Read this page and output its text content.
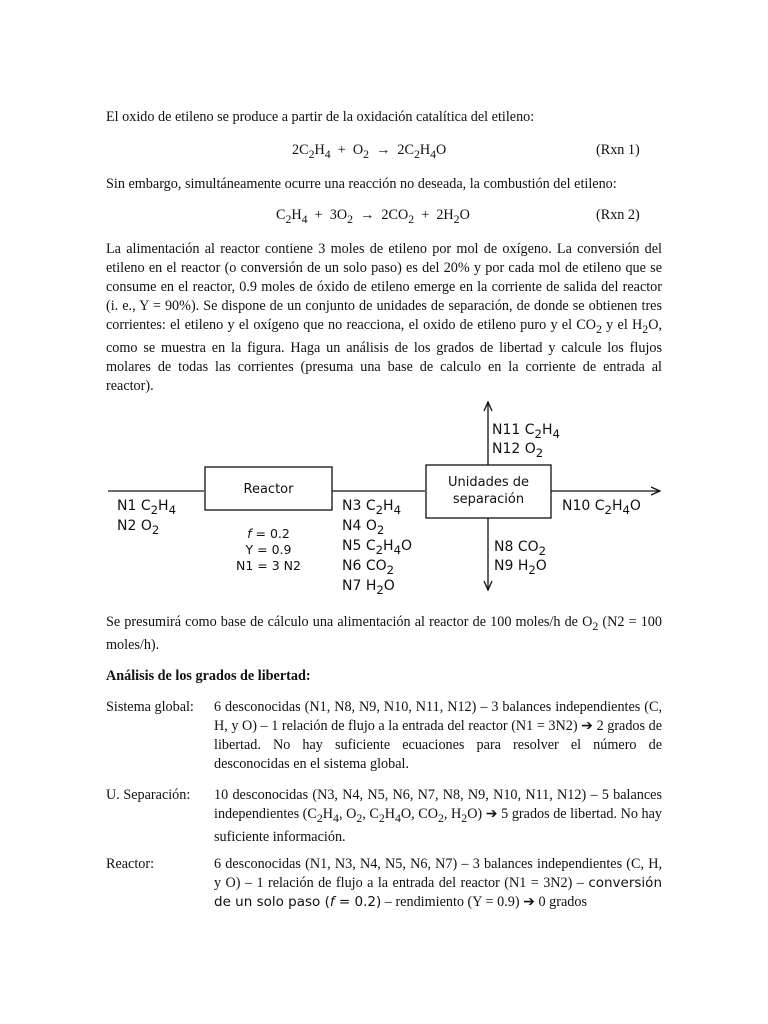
El oxido de etileno se produce a partir de la oxidación catalítica del etileno:
$2C_2H_4 + O_2 \to 2C_2H_4O$	(Rxn 1)
Sin embargo, simultáneamente ocurre una reacción no deseada, la combustión del etileno:
$C_2H_4 + 3O_2 \to 2CO_2 + 2H_2O$	(Rxn 2)
La alimentación al reactor contiene 3 moles de etileno por mol de oxígeno. La conversión del etileno en el reactor (o conversión de un solo paso) es del 20% y por cada mol de etileno que se consume en el reactor, 0.9 moles de óxido de etileno emerge en la corriente de salida del reactor (i. e., Y = 90%). Se dispone de un conjunto de unidades de separación, de donde se obtienen tres corrientes: el etileno y el oxígeno que no reacciona, el oxido de etileno puro y el $CO_2$ y el $H_2O$, como se muestra en la figura. Haga un análisis de los grados de libertad y calcule los flujos molares de todas las corrientes (presuma una base de calculo en la corriente de entrada al reactor).
Reactor	Unidades de
separación
N1 $C_2H_4$
N2 $O_2$
N3 $C_2H_4$
N4 $O_2$
N5 $C_2H_4O$
N6 $CO_2$
N7 $H_2O$
N11 $C_2H_4$
N12 $O_2$
N8 $CO_2$
N9 $H_2O$
N10 $C_2H_4O$
f = 0.2
Y = 0.9
N1 = 3 N2
Se presumirá como base de cálculo una alimentación al reactor de 100 moles/h de $O_2$ (N2 = 100 moles/h).
Análisis de los grados de libertad:
Sistema global: 6 desconocidas (N1, N8, N9, N10, N11, N12) – 3 balances independientes (C, H, y O) – 1 relación de flujo a la entrada del reactor (N1 = 3N2) ➔ 2 grados de libertad. No hay suficiente ecuaciones para resolver el número de desconocidas en el sistema global.
U. Separación: 10 desconocidas (N3, N4, N5, N6, N7, N8, N9, N10, N11, N12) – 5 balances independientes ($C_2H_4$, $O_2$, $C_2H_4O$, $CO_2$, $H_2O$) ➔ 5 grados de libertad. No hay suficiente información.
Reactor:	6 desconocidas (N1, N3, N4, N5, N6, N7) – 3 balances independientes (C, H, y O) – 1 relación de flujo a la entrada del reactor (N1 = 3N2) – conversión de un solo paso (f = 0.2) – rendimiento (Y = 0.9) ➔ 0 grados
